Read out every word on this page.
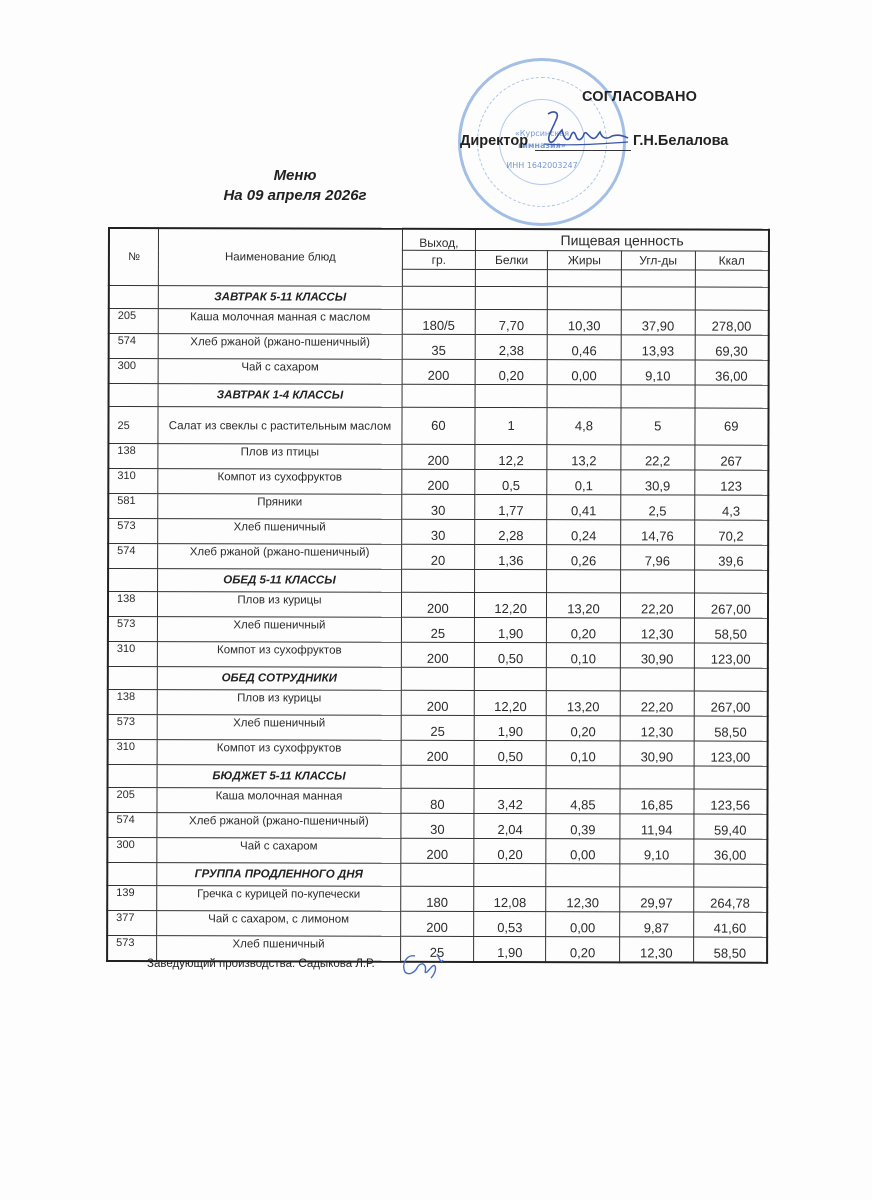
«Курсинская
гимназия»
ИНН 1642003247
СОГЛАСОВАНО
Директор	Г.Н.Белалова
Меню
На 09 апреля 2026г
№	Наименование блюд	Выход,	Пищевая ценность			
		гр.	Белки	Жиры	Угл-ды	Ккал

	ЗАВТРАК 5-11 КЛАССЫ					
205	Каша молочная манная с маслом	180/5	7,70	10,30	37,90	278,00
574	Хлеб ржаной (ржано-пшеничный)	35	2,38	0,46	13,93	69,30
300	Чай с сахаром	200	0,20	0,00	9,10	36,00
	ЗАВТРАК 1-4 КЛАССЫ					
25	Салат из свеклы с растительным маслом	60	1	4,8	5	69
138	Плов из птицы	200	12,2	13,2	22,2	267
310	Компот из сухофруктов	200	0,5	0,1	30,9	123
581	Пряники	30	1,77	0,41	2,5	4,3
573	Хлеб пшеничный	30	2,28	0,24	14,76	70,2
574	Хлеб ржаной (ржано-пшеничный)	20	1,36	0,26	7,96	39,6
	ОБЕД 5-11 КЛАССЫ					
138	Плов из курицы	200	12,20	13,20	22,20	267,00
573	Хлеб пшеничный	25	1,90	0,20	12,30	58,50
310	Компот из сухофруктов	200	0,50	0,10	30,90	123,00
	ОБЕД СОТРУДНИКИ					
138	Плов из курицы	200	12,20	13,20	22,20	267,00
573	Хлеб пшеничный	25	1,90	0,20	12,30	58,50
310	Компот из сухофруктов	200	0,50	0,10	30,90	123,00
	БЮДЖЕТ 5-11 КЛАССЫ					
205	Каша молочная манная	80	3,42	4,85	16,85	123,56
574	Хлеб ржаной (ржано-пшеничный)	30	2,04	0,39	11,94	59,40
300	Чай с сахаром	200	0,20	0,00	9,10	36,00
	ГРУППА ПРОДЛЕННОГО ДНЯ					
139	Гречка с курицей по-купечески	180	12,08	12,30	29,97	264,78
377	Чай с сахаром, с лимоном	200	0,53	0,00	9,87	41,60
573	Хлеб пшеничный	25	1,90	0,20	12,30	58,50
Заведующий производства: Садыкова Л.Р.
